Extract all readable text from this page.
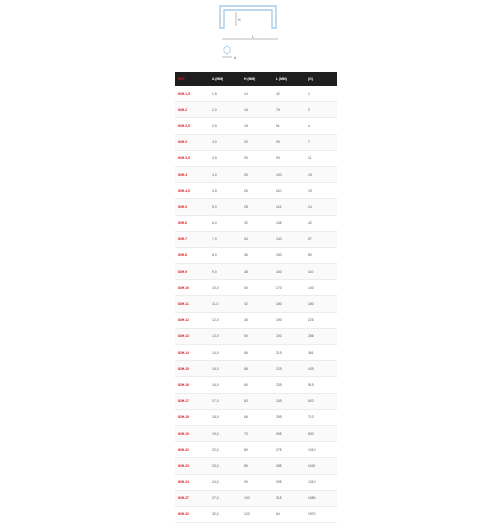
H
L
A
REF	A (MM)	H (MM)	L (MM)	(G)
83H.1,5	1,5	14	42	1
83H.2	2,0	16	75	2
83H.2,5	2,5	18	61	4
83H.3	3,0	20	90	7
83H.3,5	3,5	25	93	11
83H.4	4,0	25	100	15
83H.4,5	4,5	26	110	19
83H.5	5,0	28	115	24
83H.6	6,0	32	135	42
83H.7	7,0	34	140	57
83H.8	8,0	36	150	80
83H.9	9,0	38	160	110
83H.10	10,0	40	170	140
83H.11	11,0	42	180	180
83H.12	12,0	45	190	225
83H.13	13,0	50	200	286
83H.14	14,0	56	215	361
83H.15	15,0	58	225	435
83H.16	16,0	60	235	515
83H.17	17,0	63	245	602
83H.18	18,0	66	255	713
83H.19	19,0	70	265	830
83H.22	22,0	80	275	1010
83H.23	23,0	85	285	1160
83H.24	24,0	90	295	1310
83H.27	27,0	100	315	1580
83H.32	32,0	120	64	1970
